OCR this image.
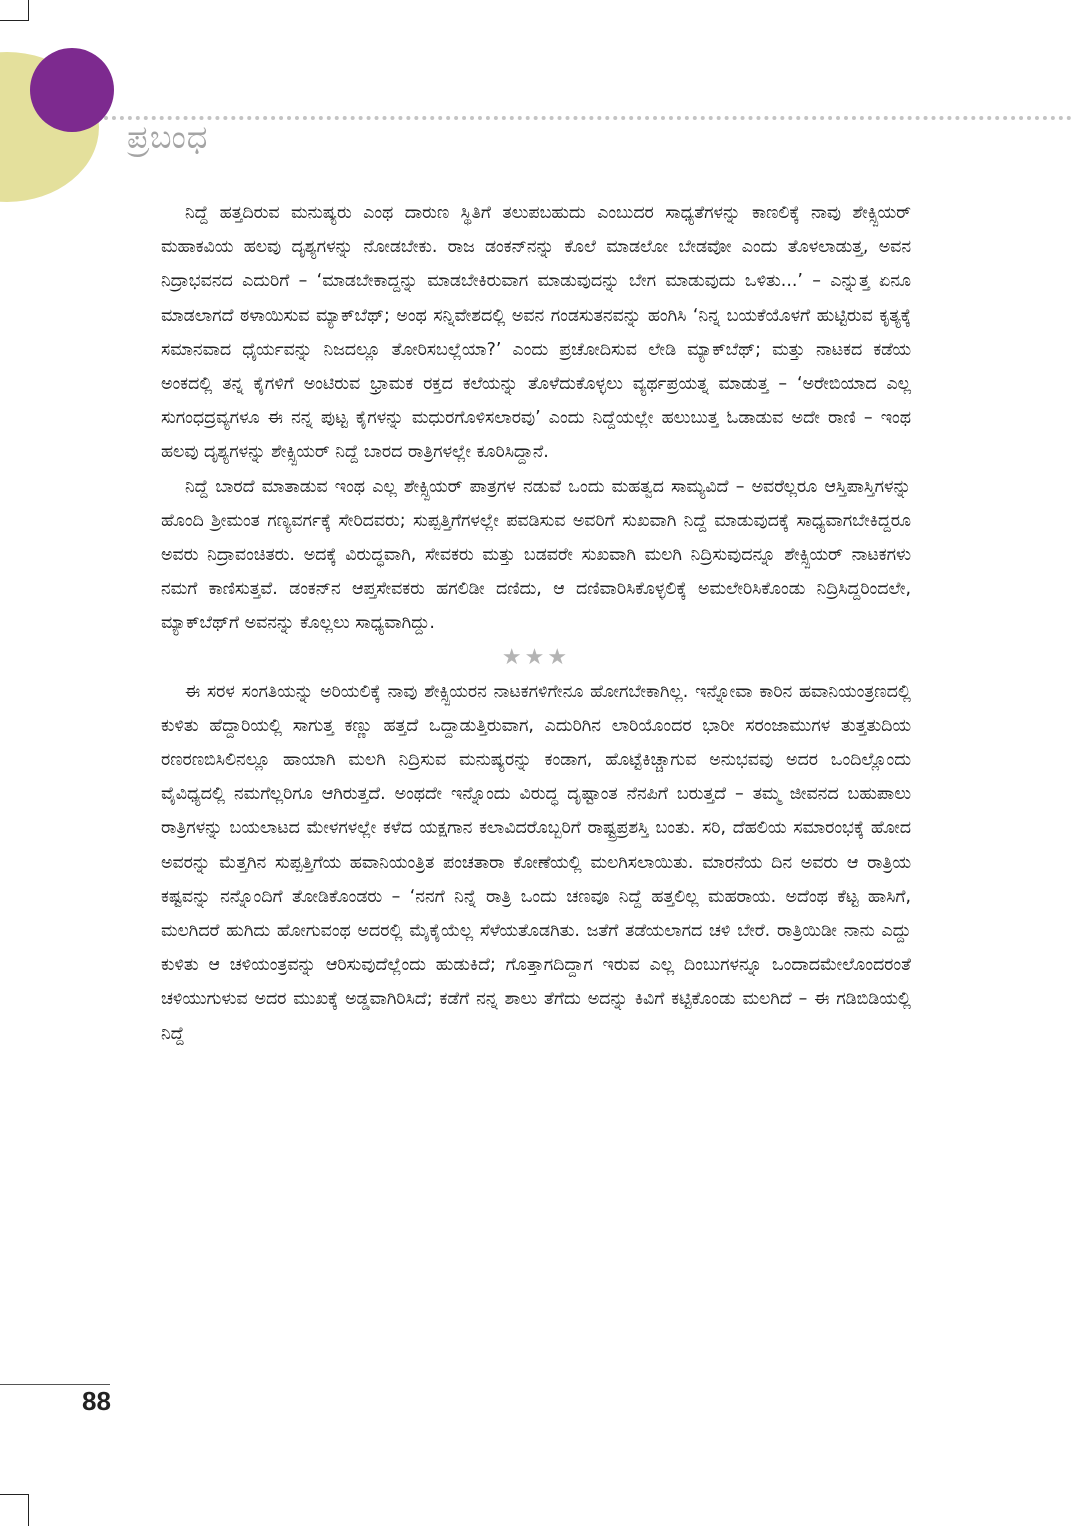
ಪ್ರಬಂಧ

ನಿದ್ದೆ ಹತ್ತದಿರುವ ಮನುಷ್ಯರು ಎಂಥ ದಾರುಣ ಸ್ಥಿತಿಗೆ ತಲುಪಬಹುದು ಎಂಬುದರ ಸಾಧ್ಯತೆಗಳನ್ನು ಕಾಣಲಿಕ್ಕೆ ನಾವು ಶೇಕ್ಸ್ಪಿಯರ್ ಮಹಾಕವಿಯ ಹಲವು ದೃಶ್ಯಗಳನ್ನು ನೋಡಬೇಕು. ರಾಜ ಡಂಕನ್‌ನನ್ನು ಕೊಲೆ ಮಾಡಲೋ ಬೇಡವೋ ಎಂದು ತೊಳಲಾಡುತ್ತ, ಅವನ ನಿದ್ರಾಭವನದ ಎದುರಿಗೆ – ‘ಮಾಡಬೇಕಾದ್ದನ್ನು ಮಾಡಬೇಕಿರುವಾಗ ಮಾಡುವುದನ್ನು ಬೇಗ ಮಾಡುವುದು ಒಳಿತು...’ – ಎನ್ನುತ್ತ ಏನೂ ಮಾಡಲಾಗದೆ ಠಳಾಯಿಸುವ ಮ್ಯಾಕ್‌ಬೆಥ್; ಅಂಥ ಸನ್ನಿವೇಶದಲ್ಲಿ ಅವನ ಗಂಡಸುತನವನ್ನು ಹಂಗಿಸಿ ‘ನಿನ್ನ ಬಯಕೆಯೊಳಗೆ ಹುಟ್ಟಿರುವ ಕೃತ್ಯಕ್ಕೆ ಸಮಾನವಾದ ಧೈರ್ಯವನ್ನು ನಿಜದಲ್ಲೂ ತೋರಿಸಬಲ್ಲೆಯಾ?’ ಎಂದು ಪ್ರಚೋದಿಸುವ ಲೇಡಿ ಮ್ಯಾಕ್‌ಬೆಥ್; ಮತ್ತು ನಾಟಕದ ಕಡೆಯ ಅಂಕದಲ್ಲಿ ತನ್ನ ಕೈಗಳಿಗೆ ಅಂಟಿರುವ ಭ್ರಾಮಕ ರಕ್ತದ ಕಲೆಯನ್ನು ತೊಳೆದುಕೊಳ್ಳಲು ವ್ಯರ್ಥಪ್ರಯತ್ನ ಮಾಡುತ್ತ – ‘ಅರೇಬಿಯಾದ ಎಲ್ಲ ಸುಗಂಧದ್ರವ್ಯಗಳೂ ಈ ನನ್ನ ಪುಟ್ಟ ಕೈಗಳನ್ನು ಮಧುರಗೊಳಿಸಲಾರವು’ ಎಂದು ನಿದ್ದೆಯಲ್ಲೇ ಹಲುಬುತ್ತ ಓಡಾಡುವ ಅದೇ ರಾಣಿ – ಇಂಥ ಹಲವು ದೃಶ್ಯಗಳನ್ನು ಶೇಕ್ಸ್ಪಿಯರ್ ನಿದ್ದೆ ಬಾರದ ರಾತ್ರಿಗಳಲ್ಲೇ ಕೂರಿಸಿದ್ದಾನೆ.

ನಿದ್ದೆ ಬಾರದೆ ಮಾತಾಡುವ ಇಂಥ ಎಲ್ಲ ಶೇಕ್ಸ್ಪಿಯರ್ ಪಾತ್ರಗಳ ನಡುವೆ ಒಂದು ಮಹತ್ವದ ಸಾಮ್ಯವಿದೆ – ಅವರೆಲ್ಲರೂ ಆಸ್ತಿಪಾಸ್ತಿಗಳನ್ನು ಹೊಂದಿ ಶ್ರೀಮಂತ ಗಣ್ಯವರ್ಗಕ್ಕೆ ಸೇರಿದವರು; ಸುಪ್ಪತ್ತಿಗೆಗಳಲ್ಲೇ ಪವಡಿಸುವ ಅವರಿಗೆ ಸುಖವಾಗಿ ನಿದ್ದೆ ಮಾಡುವುದಕ್ಕೆ ಸಾಧ್ಯವಾಗಬೇಕಿದ್ದರೂ ಅವರು ನಿದ್ರಾವಂಚಿತರು. ಅದಕ್ಕೆ ವಿರುದ್ಧವಾಗಿ, ಸೇವಕರು ಮತ್ತು ಬಡವರೇ ಸುಖವಾಗಿ ಮಲಗಿ ನಿದ್ರಿಸುವುದನ್ನೂ ಶೇಕ್ಸ್ಪಿಯರ್ ನಾಟಕಗಳು ನಮಗೆ ಕಾಣಿಸುತ್ತವೆ. ಡಂಕನ್‌ನ ಆಪ್ತಸೇವಕರು ಹಗಲಿಡೀ ದಣಿದು, ಆ ದಣಿವಾರಿಸಿಕೊಳ್ಳಲಿಕ್ಕೆ ಅಮಲೇರಿಸಿಕೊಂಡು ನಿದ್ರಿಸಿದ್ದರಿಂದಲೇ, ಮ್ಯಾಕ್‌ಬೆಥ್‌ಗೆ ಅವನನ್ನು ಕೊಲ್ಲಲು ಸಾಧ್ಯವಾಗಿದ್ದು.

★★★

ಈ ಸರಳ ಸಂಗತಿಯನ್ನು ಅರಿಯಲಿಕ್ಕೆ ನಾವು ಶೇಕ್ಸ್ಪಿಯರನ ನಾಟಕಗಳಿಗೇನೂ ಹೋಗಬೇಕಾಗಿಲ್ಲ. ಇನ್ನೋವಾ ಕಾರಿನ ಹವಾನಿಯಂತ್ರಣದಲ್ಲಿ ಕುಳಿತು ಹೆದ್ದಾರಿಯಲ್ಲಿ ಸಾಗುತ್ತ ಕಣ್ಣು ಹತ್ತದೆ ಒದ್ದಾಡುತ್ತಿರುವಾಗ, ಎದುರಿಗಿನ ಲಾರಿಯೊಂದರ ಭಾರೀ ಸರಂಜಾಮುಗಳ ತುತ್ತತುದಿಯ ರಣರಣಬಿಸಿಲಿನಲ್ಲೂ ಹಾಯಾಗಿ ಮಲಗಿ ನಿದ್ರಿಸುವ ಮನುಷ್ಯರನ್ನು ಕಂಡಾಗ, ಹೊಟ್ಟೆಕಿಚ್ಚಾಗುವ ಅನುಭವವು ಅದರ ಒಂದಿಲ್ಲೊಂದು ವೈವಿಧ್ಯದಲ್ಲಿ ನಮಗೆಲ್ಲರಿಗೂ ಆಗಿರುತ್ತದೆ. ಅಂಥದೇ ಇನ್ನೊಂದು ವಿರುದ್ಧ ದೃಷ್ಟಾಂತ ನೆನಪಿಗೆ ಬರುತ್ತದೆ – ತಮ್ಮ ಜೀವನದ ಬಹುಪಾಲು ರಾತ್ರಿಗಳನ್ನು ಬಯಲಾಟದ ಮೇಳಗಳಲ್ಲೇ ಕಳೆದ ಯಕ್ಷಗಾನ ಕಲಾವಿದರೊಬ್ಬರಿಗೆ ರಾಷ್ಟ್ರಪ್ರಶಸ್ತಿ ಬಂತು. ಸರಿ, ದೆಹಲಿಯ ಸಮಾರಂಭಕ್ಕೆ ಹೋದ ಅವರನ್ನು ಮೆತ್ತಗಿನ ಸುಪ್ಪತ್ತಿಗೆಯ ಹವಾನಿಯಂತ್ರಿತ ಪಂಚತಾರಾ ಕೋಣೆಯಲ್ಲಿ ಮಲಗಿಸಲಾಯಿತು. ಮಾರನೆಯ ದಿನ ಅವರು ಆ ರಾತ್ರಿಯ ಕಷ್ಟವನ್ನು ನನ್ನೊಂದಿಗೆ ತೋಡಿಕೊಂಡರು – ‘ನನಗೆ ನಿನ್ನೆ ರಾತ್ರಿ ಒಂದು ಚಣವೂ ನಿದ್ದೆ ಹತ್ತಲಿಲ್ಲ ಮಹರಾಯ. ಅದೆಂಥ ಕೆಟ್ಟ ಹಾಸಿಗೆ, ಮಲಗಿದರೆ ಹುಗಿದು ಹೋಗುವಂಥ ಅದರಲ್ಲಿ ಮೈಕೈಯೆಲ್ಲ ಸೆಳೆಯತೊಡಗಿತು. ಜತೆಗೆ ತಡೆಯಲಾಗದ ಚಳಿ ಬೇರೆ. ರಾತ್ರಿಯಿಡೀ ನಾನು ಎದ್ದು ಕುಳಿತು ಆ ಚಳಿಯಂತ್ರವನ್ನು ಆರಿಸುವುದೆಲ್ಲೆಂದು ಹುಡುಕಿದೆ; ಗೊತ್ತಾಗದಿದ್ದಾಗ ಇರುವ ಎಲ್ಲ ದಿಂಬುಗಳನ್ನೂ ಒಂದಾದಮೇಲೊಂದರಂತೆ ಚಳಿಯುಗುಳುವ ಅದರ ಮುಖಕ್ಕೆ ಅಡ್ಡವಾಗಿರಿಸಿದೆ; ಕಡೆಗೆ ನನ್ನ ಶಾಲು ತೆಗೆದು ಅದನ್ನು ಕಿವಿಗೆ ಕಟ್ಟಿಕೊಂಡು ಮಲಗಿದೆ – ಈ ಗಡಿಬಿಡಿಯಲ್ಲಿ ನಿದ್ದೆ

88
